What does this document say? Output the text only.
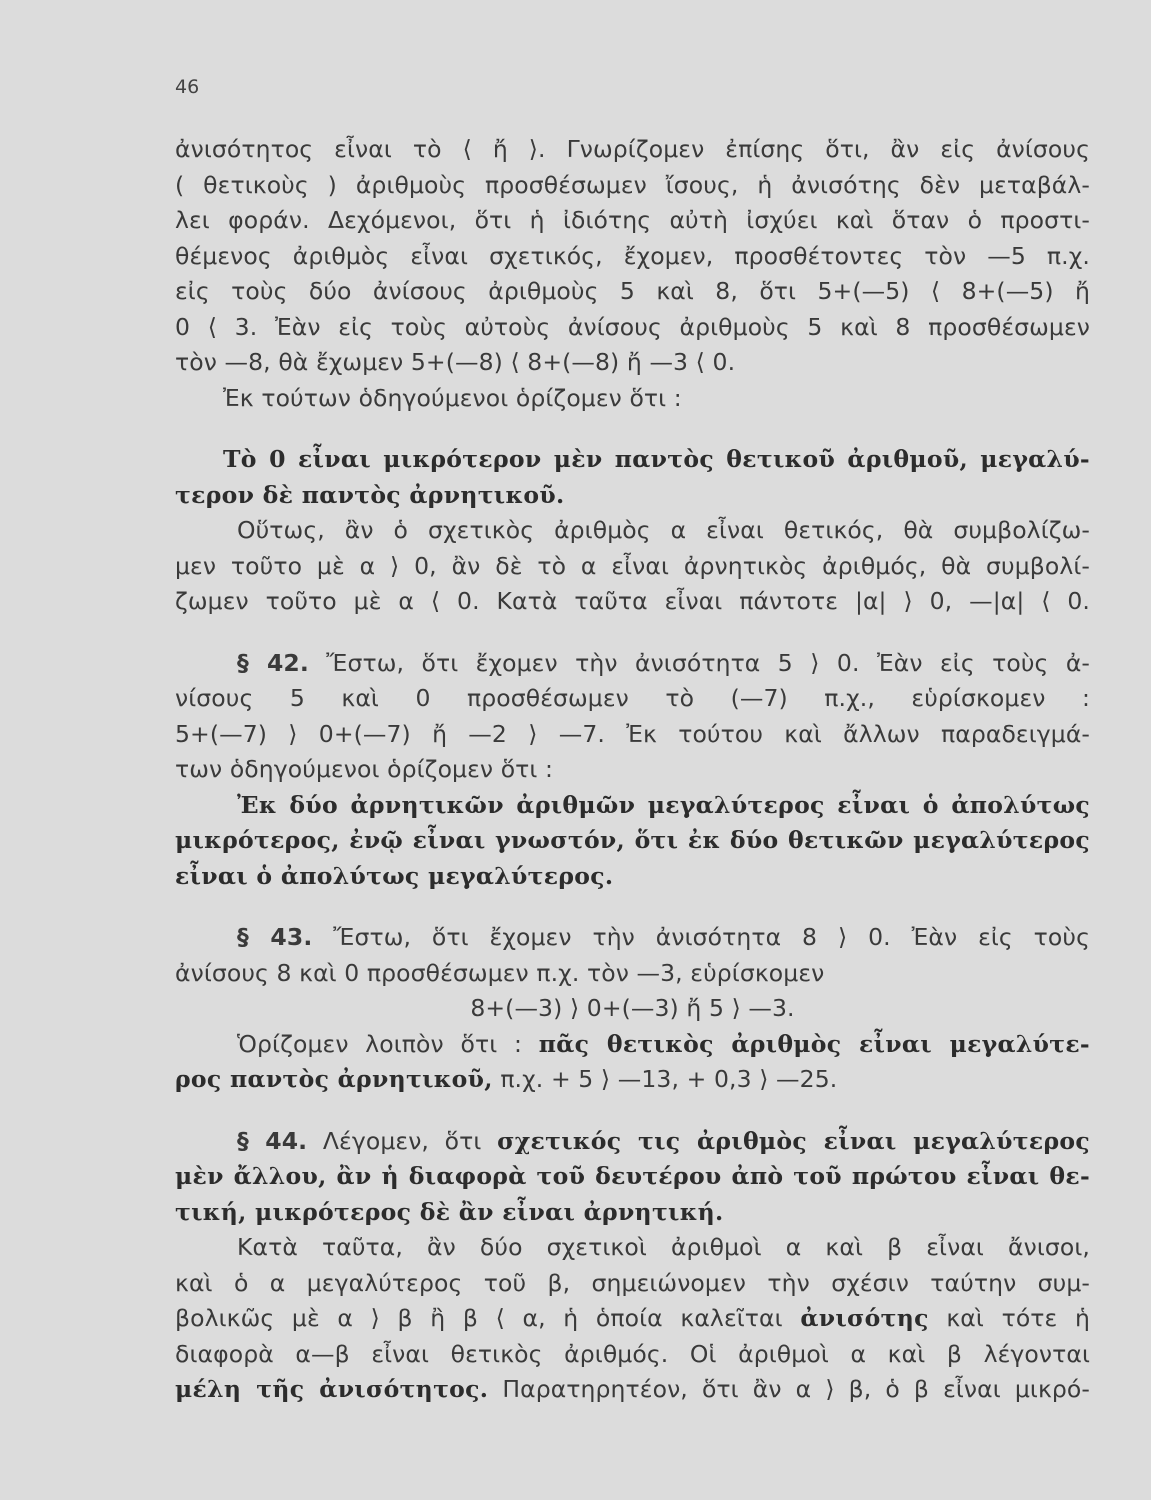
46

ἀνισότητος εἶναι τὸ ⟨ ἤ ⟩. Γνωρίζομεν ἐπίσης ὅτι, ἂν εἰς ἀνίσους
( θετικοὺς ) ἀριθμοὺς προσθέσωμεν ἴσους, ἡ ἀνισότης δὲν μεταβάλ-
λει φοράν. Δεχόμενοι, ὅτι ἡ ἰδιότης αὐτὴ ἰσχύει καὶ ὅταν ὁ προστι-
θέμενος ἀριθμὸς εἶναι σχετικός, ἔχομεν, προσθέτοντες τὸν —5 π.χ.
εἰς τοὺς δύο ἀνίσους ἀριθμοὺς 5 καὶ 8, ὅτι 5+(—5) ⟨ 8+(—5) ἤ
0 ⟨ 3. Ἐὰν εἰς τοὺς αὐτοὺς ἀνίσους ἀριθμοὺς 5 καὶ 8 προσθέσωμεν
τὸν —8, θὰ ἔχωμεν 5+(—8) ⟨ 8+(—8) ἤ —3 ⟨ 0.
Ἐκ τούτων ὁδηγούμενοι ὁρίζομεν ὅτι :

Τὸ 0 εἶναι μικρότερον μὲν παντὸς θετικοῦ ἀριθμοῦ, μεγαλύ-
τερον δὲ παντὸς ἀρνητικοῦ.

Οὕτως, ἂν ὁ σχετικὸς ἀριθμὸς α εἶναι θετικός, θὰ συμβολίζω-
μεν τοῦτο μὲ α ⟩ 0, ἂν δὲ τὸ α εἶναι ἀρνητικὸς ἀριθμός, θὰ συμβολί-
ζωμεν τοῦτο μὲ α ⟨ 0. Κατὰ ταῦτα εἶναι πάντοτε |α| ⟩ 0, —|α| ⟨ 0.

§ 42. Ἔστω, ὅτι ἔχομεν τὴν ἀνισότητα 5 ⟩ 0. Ἐὰν εἰς τοὺς ἀ-
νίσους 5 καὶ 0 προσθέσωμεν τὸ (—7) π.χ., εὑρίσκομεν :
5+(—7) ⟩ 0+(—7) ἤ —2 ⟩ —7. Ἐκ τούτου καὶ ἄλλων παραδειγμά-
των ὁδηγούμενοι ὁρίζομεν ὅτι :
Ἐκ δύο ἀρνητικῶν ἀριθμῶν μεγαλύτερος εἶναι ὁ ἀπολύτως
μικρότερος, ἐνῷ εἶναι γνωστόν, ὅτι ἐκ δύο θετικῶν μεγαλύτερος
εἶναι ὁ ἀπολύτως μεγαλύτερος.

§ 43. Ἔστω, ὅτι ἔχομεν τὴν ἀνισότητα 8 ⟩ 0. Ἐὰν εἰς τοὺς
ἀνίσους 8 καὶ 0 προσθέσωμεν π.χ. τὸν —3, εὑρίσκομεν
8+(—3) ⟩ 0+(—3) ἤ 5 ⟩ —3.
Ὁρίζομεν λοιπὸν ὅτι : πᾶς θετικὸς ἀριθμὸς εἶναι μεγαλύτε-
ρος παντὸς ἀρνητικοῦ, π.χ. + 5 ⟩ —13, + 0,3 ⟩ —25.

§ 44. Λέγομεν, ὅτι σχετικός τις ἀριθμὸς εἶναι μεγαλύτερος
μὲν ἄλλου, ἂν ἡ διαφορὰ τοῦ δευτέρου ἀπὸ τοῦ πρώτου εἶναι θε-
τική, μικρότερος δὲ ἂν εἶναι ἀρνητική.
Κατὰ ταῦτα, ἂν δύο σχετικοὶ ἀριθμοὶ α καὶ β εἶναι ἄνισοι,
καὶ ὁ α μεγαλύτερος τοῦ β, σημειώνομεν τὴν σχέσιν ταύτην συμ-
βολικῶς μὲ α ⟩ β ἢ β ⟨ α, ἡ ὁποία καλεῖται ἀνισότης καὶ τότε ἡ
διαφορὰ α—β εἶναι θετικὸς ἀριθμός. Οἱ ἀριθμοὶ α καὶ β λέγονται
μέλη τῆς ἀνισότητος. Παρατηρητέον, ὅτι ἂν α ⟩ β, ὁ β εἶναι μικρό-
